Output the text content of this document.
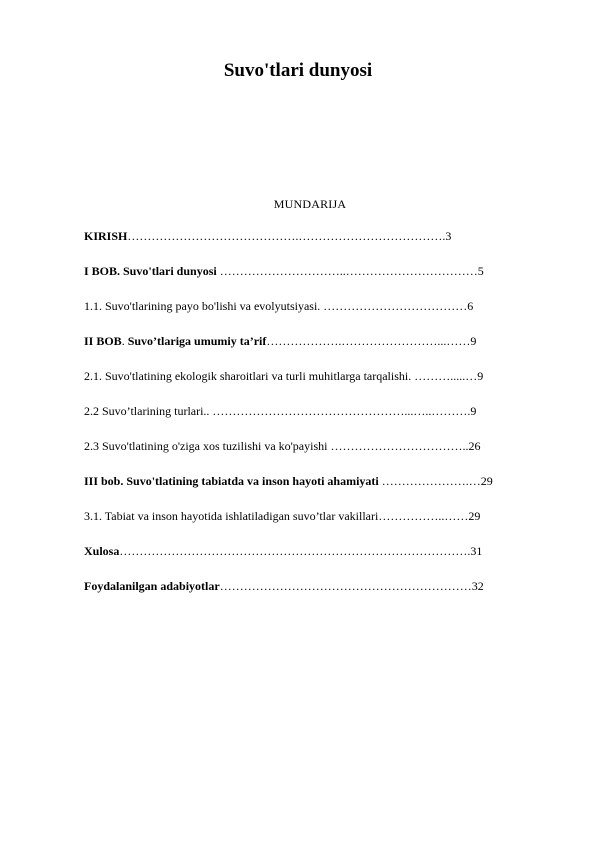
Suvo'tlari dunyosi
MUNDARIJA
KIRISH…………………………………….……………………………….3
I BOB. Suvo'tlari dunyosi …………………………..……………………………5
1.1. Suvo'tlarining payo bo'lishi va evolyutsiyasi. ………………………………6
II BOB. Suvo’tlariga umumiy ta’rif……………….……………………...……9
2.1. Suvo'tlatining ekologik sharoitlari va turli muhitlarga tarqalishi. ……….....…9
2.2 Suvo’tlarining turlari.. …………………………………………...…..……….9
2.3 Suvo'tlatining o'ziga xos tuzilishi va ko'payishi ……………………………..26
III bob. Suvo'tlatining tabiatda va inson hayoti ahamiyati ………………….…29
3.1. Tabiat va inson hayotida ishlatiladigan suvo’tlar vakillari……………..……29
Xulosa…………………………………………………………………………….31
Foydalanilgan adabiyotlar………………………………………………………32
